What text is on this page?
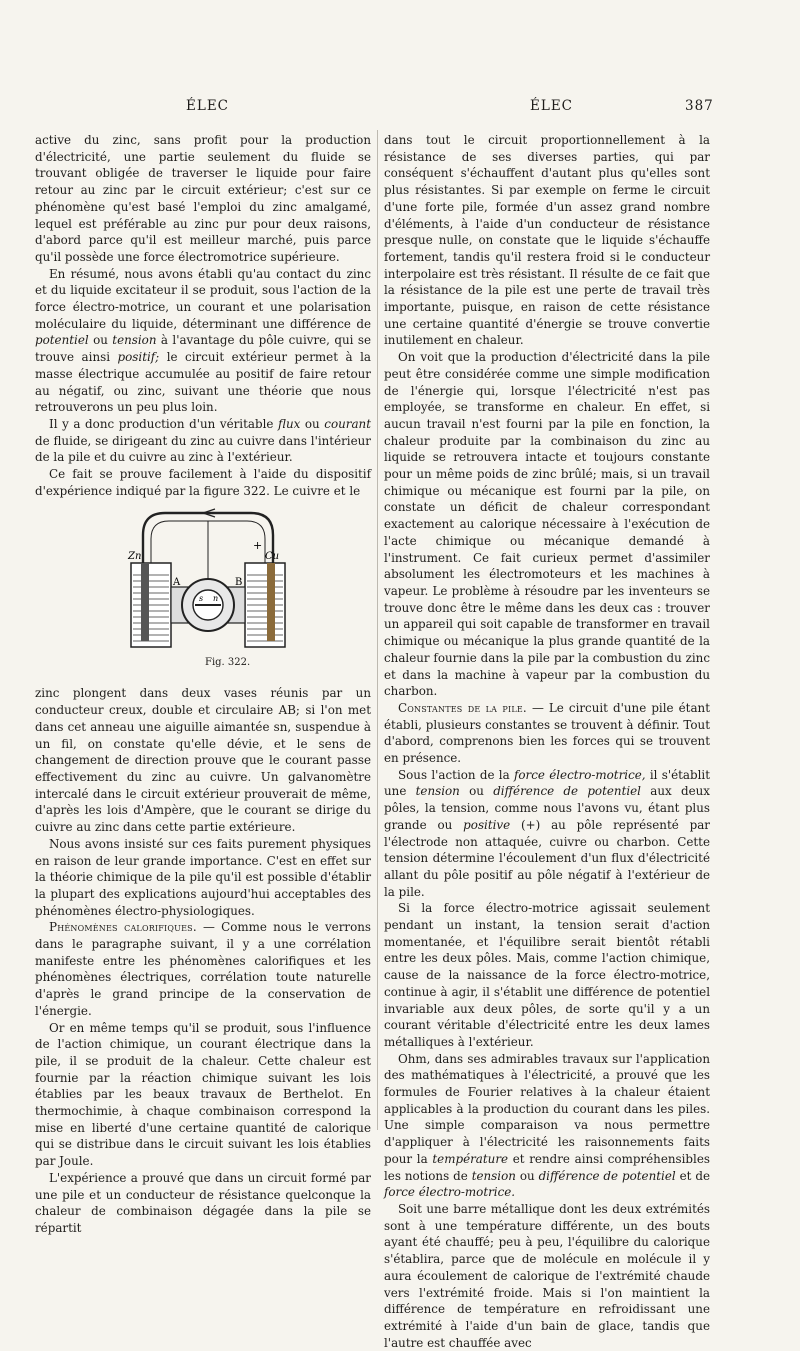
ÉLEC	ÉLEC	387

active du zinc, sans profit pour la production d'électricité, une partie seulement du fluide se trouvant obligée de traverser le liquide pour faire retour au zinc par le circuit extérieur; c'est sur ce phénomène qu'est basé l'emploi du zinc amalgamé, lequel est préférable au zinc pur pour deux raisons, d'abord parce qu'il est meilleur marché, puis parce qu'il possède une force électromotrice supérieure.

En résumé, nous avons établi qu'au contact du zinc et du liquide excitateur il se produit, sous l'action de la force électro-motrice, un courant et une polarisation moléculaire du liquide, déterminant une différence de potentiel ou tension à l'avantage du pôle cuivre, qui se trouve ainsi positif; le circuit extérieur permet à la masse électrique accumulée au positif de faire retour au négatif, ou zinc, suivant une théorie que nous retrouverons un peu plus loin.

Il y a donc production d'un véritable flux ou courant de fluide, se dirigeant du zinc au cuivre dans l'intérieur de la pile et du cuivre au zinc à l'extérieur.

Ce fait se prouve facilement à l'aide du dispositif d'expérience indiqué par la figure 322. Le cuivre et le

Zn	Cu
+
A	B
s n
Fig. 322.

zinc plongent dans deux vases réunis par un conducteur creux, double et circulaire AB; si l'on met dans cet anneau une aiguille aimantée sn, suspendue à un fil, on constate qu'elle dévie, et le sens de changement de direction prouve que le courant passe effectivement du zinc au cuivre. Un galvanomètre intercalé dans le circuit extérieur prouverait de même, d'après les lois d'Ampère, que le courant se dirige du cuivre au zinc dans cette partie extérieure.

Nous avons insisté sur ces faits purement physiques en raison de leur grande importance. C'est en effet sur la théorie chimique de la pile qu'il est possible d'établir la plupart des explications aujourd'hui acceptables des phénomènes électro-physiologiques.

Phénomènes calorifiques. — Comme nous le verrons dans le paragraphe suivant, il y a une corrélation manifeste entre les phénomènes calorifiques et les phénomènes électriques, corrélation toute naturelle d'après le grand principe de la conservation de l'énergie.

Or en même temps qu'il se produit, sous l'influence de l'action chimique, un courant électrique dans la pile, il se produit de la chaleur. Cette chaleur est fournie par la réaction chimique suivant les lois établies par les beaux travaux de Berthelot. En thermochimie, à chaque combinaison correspond la mise en liberté d'une certaine quantité de calorique qui se distribue dans le circuit suivant les lois établies par Joule.

L'expérience a prouvé que dans un circuit formé par une pile et un conducteur de résistance quelconque la chaleur de combinaison dégagée dans la pile se répartit

dans tout le circuit proportionnellement à la résistance de ses diverses parties, qui par conséquent s'échauffent d'autant plus qu'elles sont plus résistantes. Si par exemple on ferme le circuit d'une forte pile, formée d'un assez grand nombre d'éléments, à l'aide d'un conducteur de résistance presque nulle, on constate que le liquide s'échauffe fortement, tandis qu'il restera froid si le conducteur interpolaire est très résistant. Il résulte de ce fait que la résistance de la pile est une perte de travail très importante, puisque, en raison de cette résistance une certaine quantité d'énergie se trouve convertie inutilement en chaleur.

On voit que la production d'électricité dans la pile peut être considérée comme une simple modification de l'énergie qui, lorsque l'électricité n'est pas employée, se transforme en chaleur. En effet, si aucun travail n'est fourni par la pile en fonction, la chaleur produite par la combinaison du zinc au liquide se retrouvera intacte et toujours constante pour un même poids de zinc brûlé; mais, si un travail chimique ou mécanique est fourni par la pile, on constate un déficit de chaleur correspondant exactement au calorique nécessaire à l'exécution de l'acte chimique ou mécanique demandé à l'instrument. Ce fait curieux permet d'assimiler absolument les électromoteurs et les machines à vapeur. Le problème à résoudre par les inventeurs se trouve donc être le même dans les deux cas : trouver un appareil qui soit capable de transformer en travail chimique ou mécanique la plus grande quantité de la chaleur fournie dans la pile par la combustion du zinc et dans la machine à vapeur par la combustion du charbon.

Constantes de la pile. — Le circuit d'une pile étant établi, plusieurs constantes se trouvent à définir. Tout d'abord, comprenons bien les forces qui se trouvent en présence.

Sous l'action de la force électro-motrice, il s'établit une tension ou différence de potentiel aux deux pôles, la tension, comme nous l'avons vu, étant plus grande ou positive (+) au pôle représenté par l'électrode non attaquée, cuivre ou charbon. Cette tension détermine l'écoulement d'un flux d'électricité allant du pôle positif au pôle négatif à l'extérieur de la pile.

Si la force électro-motrice agissait seulement pendant un instant, la tension serait d'action momentanée, et l'équilibre serait bientôt rétabli entre les deux pôles. Mais, comme l'action chimique, cause de la naissance de la force électro-motrice, continue à agir, il s'établit une différence de potentiel invariable aux deux pôles, de sorte qu'il y a un courant véritable d'électricité entre les deux lames métalliques à l'extérieur.

Ohm, dans ses admirables travaux sur l'application des mathématiques à l'électricité, a prouvé que les formules de Fourier relatives à la chaleur étaient applicables à la production du courant dans les piles. Une simple comparaison va nous permettre d'appliquer à l'électricité les raisonnements faits pour la température et rendre ainsi compréhensibles les notions de tension ou différence de potentiel et de force électro-motrice.

Soit une barre métallique dont les deux extrémités sont à une température différente, un des bouts ayant été chauffé; peu à peu, l'équilibre du calorique s'établira, parce que de molécule en molécule il y aura écoulement de calorique de l'extrémité chaude vers l'extrémité froide. Mais si l'on maintient la différence de température en refroidissant une extrémité à l'aide d'un bain de glace, tandis que l'autre est chauffée avec
